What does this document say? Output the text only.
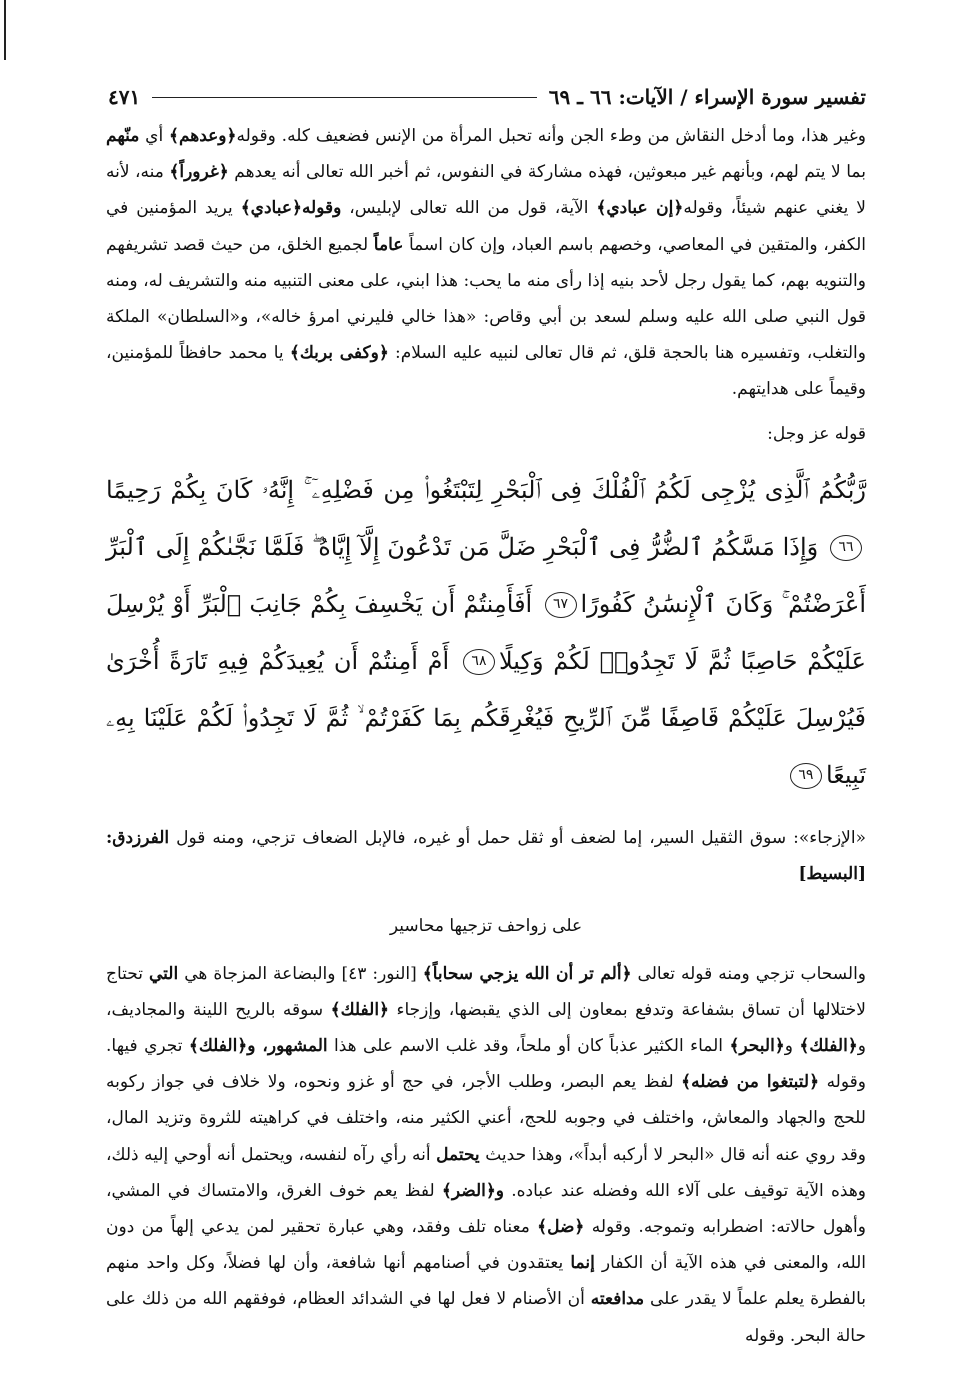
تفسير سورة الإسراء / الآيات: ٦٦ ـ ٦٩
٤٧١

وغير هذا، وما أدخل النقاش من وطء الجن وأنه تحبل المرأة من الإنس فضعيف كله. وقوله﴿وعدهم﴾ أي منّهم بما لا يتم لهم، وبأنهم غير مبعوثين، فهذه مشاركة في النفوس، ثم أخبر الله تعالى أنه يعدهم ﴿غروراً﴾ منه، لأنه لا يغني عنهم شيئاً، وقوله﴿إن عبادي﴾ الآية، قول من الله تعالى لإبليس، وقوله﴿عبادي﴾ يريد المؤمنين في الكفر، والمتقين في المعاصي، وخصهم باسم العباد، وإن كان اسماً عاماً لجميع الخلق، من حيث قصد تشريفهم والتنويه بهم، كما يقول رجل لأحد بنيه إذا رأى منه ما يحب: هذا ابني، على معنى التنبيه منه والتشريف له، ومنه قول النبي صلى الله عليه وسلم لسعد بن أبي وقاص: «هذا خالي فليرني امرؤ خاله»، و«السلطان» الملكة والتغلب، وتفسيره هنا بالحجة قلق، ثم قال تعالى لنبيه عليه السلام: ﴿وكفى بربك﴾ يا محمد حافظاً للمؤمنين، وقيماً على هدايتهم.

قوله عز وجل:

رَّبُّكُمُ ٱلَّذِى يُزْجِى لَكُمُ ٱلْفُلْكَ فِى ٱلْبَحْرِ لِتَبْتَغُوا۟ مِن فَضْلِهِۦٓ ۚ إِنَّهُۥ كَانَ بِكُمْ رَحِيمًا٦٦ وَإِذَا مَسَّكُمُ ٱلضُّرُّ فِى ٱلْبَحْرِ ضَلَّ مَن تَدْعُونَ إِلَّآ إِيَّاهُ ۖ فَلَمَّا نَجَّىٰكُمْ إِلَى ٱلْبَرِّ أَعْرَضْتُمْ ۚ وَكَانَ ٱلْإِنسَٰنُ كَفُورًا٦٧ أَفَأَمِنتُمْ أَن يَخْسِفَ بِكُمْ جَانِبَ ٱلْبَرِّ أَوْ يُرْسِلَ عَلَيْكُمْ حَاصِبًا ثُمَّ لَا تَجِدُوا۟ لَكُمْ وَكِيلًا٦٨ أَمْ أَمِنتُمْ أَن يُعِيدَكُمْ فِيهِ تَارَةً أُخْرَىٰ فَيُرْسِلَ عَلَيْكُمْ قَاصِفًا مِّنَ ٱلرِّيحِ فَيُغْرِقَكُم بِمَا كَفَرْتُمْ ۙ ثُمَّ لَا تَجِدُوا۟ لَكُمْ عَلَيْنَا بِهِۦ تَبِيعًا٦٩

«الإزجاء»: سوق الثقيل السير، إما لضعف أو ثقل حمل أو غيره، فالإبل الضعاف تزجي، ومنه قول الفرزدق: [البسيط]

على زواحف تزجيها محاسير

والسحاب تزجي ومنه قوله تعالى ﴿ألم تر أن الله يزجي سحاباً﴾ [النور: ٤٣] والبضاعة المزجاة هي التي تحتاج لاختلالها أن تساق بشفاعة وتدفع بمعاون إلى الذي يقبضها، وإزجاء ﴿الفلك﴾ سوقه بالريح اللينة والمجاديف، و﴿الفلك﴾ و﴿البحر﴾ الماء الكثير عذباً كان أو ملحاً، وقد غلب الاسم على هذا المشهور، و﴿الفلك﴾ تجري فيها. وقوله ﴿لتبتغوا من فضله﴾ لفظ يعم البصر، وطلب الأجر، في حج أو غزو ونحوه، ولا خلاف في جواز ركوبه للحج والجهاد والمعاش، واختلف في وجوبه للحج، أعني الكثير منه، واختلف في كراهيته للثروة وتزيد المال، وقد روي عنه أنه قال «البحر لا أركبه أبداً»، وهذا حديث يحتمل أنه رأي رآه لنفسه، ويحتمل أنه أوحي إليه ذلك، وهذه الآية توقيف على آلاء الله وفضله عند عباده. و﴿الضر﴾ لفظ يعم خوف الغرق، والامتساك في المشي، وأهول حالاته: اضطرابه وتموجه. وقوله ﴿ضل﴾ معناه تلف وفقد، وهي عبارة تحقير لمن يدعي إلهاً من دون الله، والمعنى في هذه الآية أن الكفار إنما يعتقدون في أصنامهم أنها شافعة، وأن لها فضلاً، وكل واحد منهم بالفطرة يعلم علماً لا يقدر على مدافعته أن الأصنام لا فعل لها في الشدائد العظام، فوفقهم الله من ذلك على حالة البحر. وقوله
